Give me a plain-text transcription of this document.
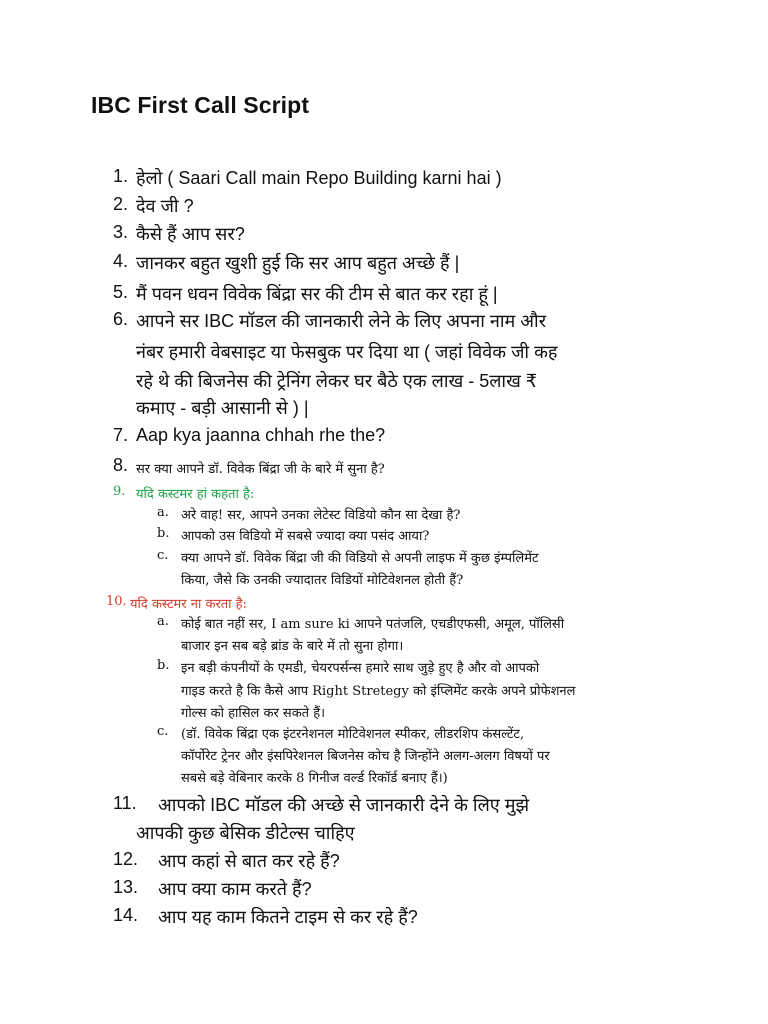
IBC First Call Script
1. हेलो ( Saari Call main Repo Building karni hai )
2. देव जी ?
3. कैसे हैं आप सर?
4. जानकर बहुत खुशी हुई कि सर आप बहुत अच्छे हैं |
5. मैं पवन धवन विवेक बिंद्रा सर की टीम से बात कर रहा हूं |
6. आपने सर IBC मॉडल की जानकारी लेने के लिए अपना नाम और
नंबर हमारी वेबसाइट या फेसबुक पर दिया था ( जहां विवेक जी कह
रहे थे की बिजनेस की ट्रेनिंग लेकर घर बैठे एक लाख - 5लाख ₹
कमाए - बड़ी आसानी से ) |
7. Aap kya jaanna chhah rhe the?
8. सर क्या आपने डॉ. विवेक बिंद्रा जी के बारे में सुना है?
9. यदि कस्टमर हां कहता है:
a. अरे वाह! सर, आपने उनका लेटेस्ट विडियो कौन सा देखा है?
b. आपको उस विडियो में सबसे ज्यादा क्या पसंद आया?
c. क्या आपने डॉ. विवेक बिंद्रा जी की विडियो से अपनी लाइफ में कुछ इंम्पलिमेंट
किया, जैसे कि उनकी ज्यादातर विडियों मोटिवेशनल होती हैं?
10. यदि कस्टमर ना करता है:
a. कोई बात नहीं सर, I am sure ki आपने पतंजलि, एचडीएफसी, अमूल, पॉलिसी
बाजार इन सब बड़े ब्रांड के बारे में तो सुना होगा।
b. इन बड़ी कंपनीयों के एमडी, चेयरपर्सन्स हमारे साथ जुड़े हुए है और वो आपको
गाइड करते है कि कैसे आप Right Stretegy को इंप्लिमेंट करके अपने प्रोफेशनल
गोल्स को हासिल कर सकते हैं।
c. (डॉ. विवेक बिंद्रा एक इंटरनेशनल मोटिवेशनल स्पीकर, लीडरशिप कंसल्टेंट,
कॉर्पोरेट ट्रेनर और इंसपिरेशनल बिजनेस कोच है जिन्होंने अलग-अलग विषयों पर
सबसे बड़े वेबिनार करके 8 गिनीज वर्ल्ड रिकॉर्ड बनाए हैं।)
11. आपको IBC मॉडल की अच्छे से जानकारी देने के लिए मुझे
आपकी कुछ बेसिक डीटेल्स चाहिए
12. आप कहां से बात कर रहे हैं?
13. आप क्या काम करते हैं?
14. आप यह काम कितने टाइम से कर रहे हैं?
